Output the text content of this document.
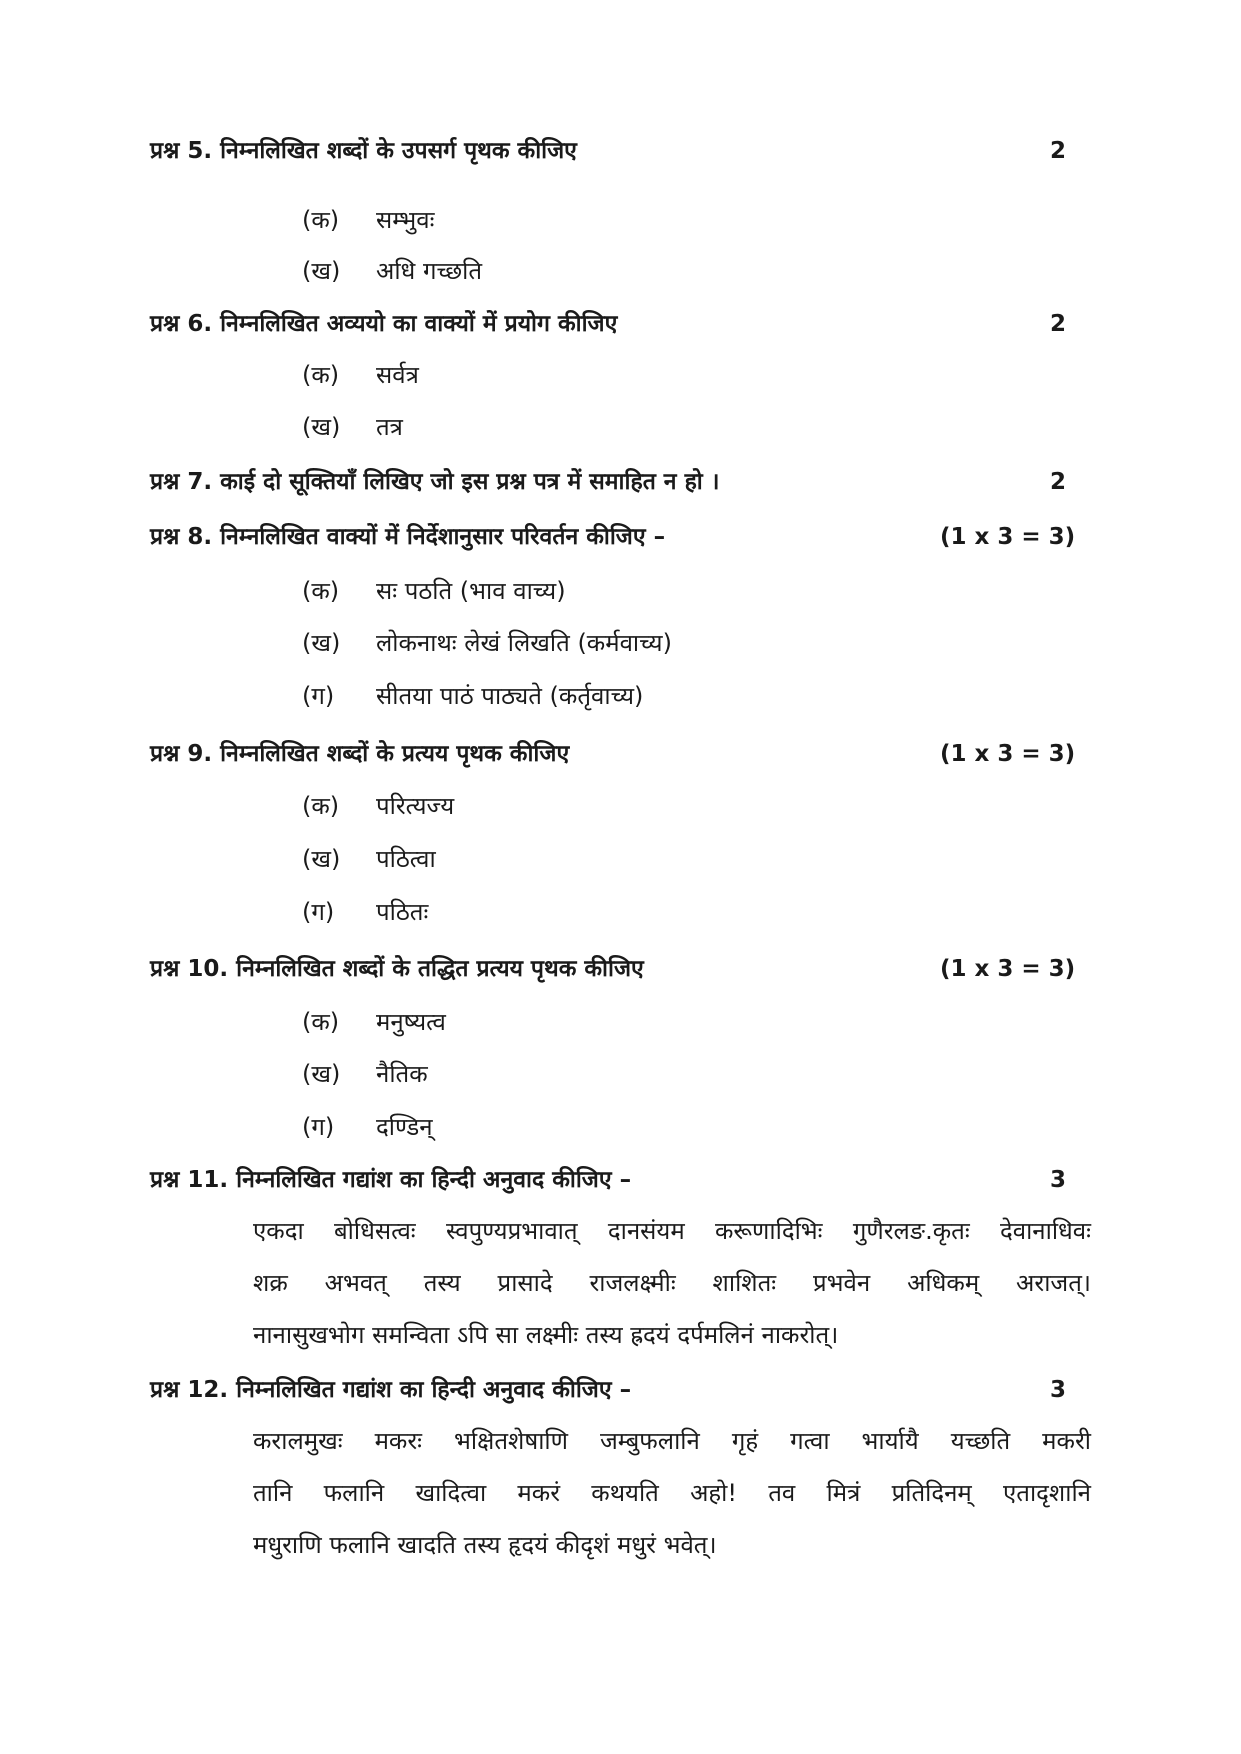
प्रश्न 5. निम्नलिखित शब्दों के उपसर्ग पृथक कीजिए	2
(क) सम्भुवः
(ख) अधि गच्छति
प्रश्न 6. निम्नलिखित अव्ययो का वाक्यों में प्रयोग कीजिए	2
(क) सर्वत्र
(ख) तत्र
प्रश्न 7. काई दो सूक्तियाँ लिखिए जो इस प्रश्न पत्र में समाहित न हो ।	2
प्रश्न 8. निम्नलिखित वाक्यों में निर्देशानुसार परिवर्तन कीजिए –	(1 x 3 = 3)
(क) सः पठति (भाव वाच्य)
(ख) लोकनाथः लेखं लिखति (कर्मवाच्य)
(ग) सीतया पाठं पाठ्यते (कर्तृवाच्य)
प्रश्न 9. निम्नलिखित शब्दों के प्रत्यय पृथक कीजिए	(1 x 3 = 3)
(क) परित्यज्य
(ख) पठित्वा
(ग) पठितः
प्रश्न 10. निम्नलिखित शब्दों के तद्धित प्रत्यय पृथक कीजिए	(1 x 3 = 3)
(क) मनुष्यत्व
(ख) नैतिक
(ग) दण्डिन्
प्रश्न 11. निम्नलिखित गद्यांश का हिन्दी अनुवाद कीजिए –	3
एकदा बोधिसत्वः स्वपुण्यप्रभावात् दानसंयम करूणादिभिः गुणैरलङ.कृतः देवानाधिवः
शक्र अभवत् तस्य प्रासादे राजलक्ष्मीः शाशितः प्रभवेन अधिकम् अराजत्।
नानासुखभोग समन्विता ऽपि सा लक्ष्मीः तस्य ह्रदयं दर्पमलिनं नाकरोत्।
प्रश्न 12. निम्नलिखित गद्यांश का हिन्दी अनुवाद कीजिए –	3
करालमुखः मकरः भक्षितशेषाणि जम्बुफलानि गृहं गत्वा भार्यायै यच्छति मकरी
तानि फलानि खादित्वा मकरं कथयति अहो! तव मित्रं प्रतिदिनम् एतादृशानि
मधुराणि फलानि खादति तस्य हृदयं कीदृशं मधुरं भवेत्।
